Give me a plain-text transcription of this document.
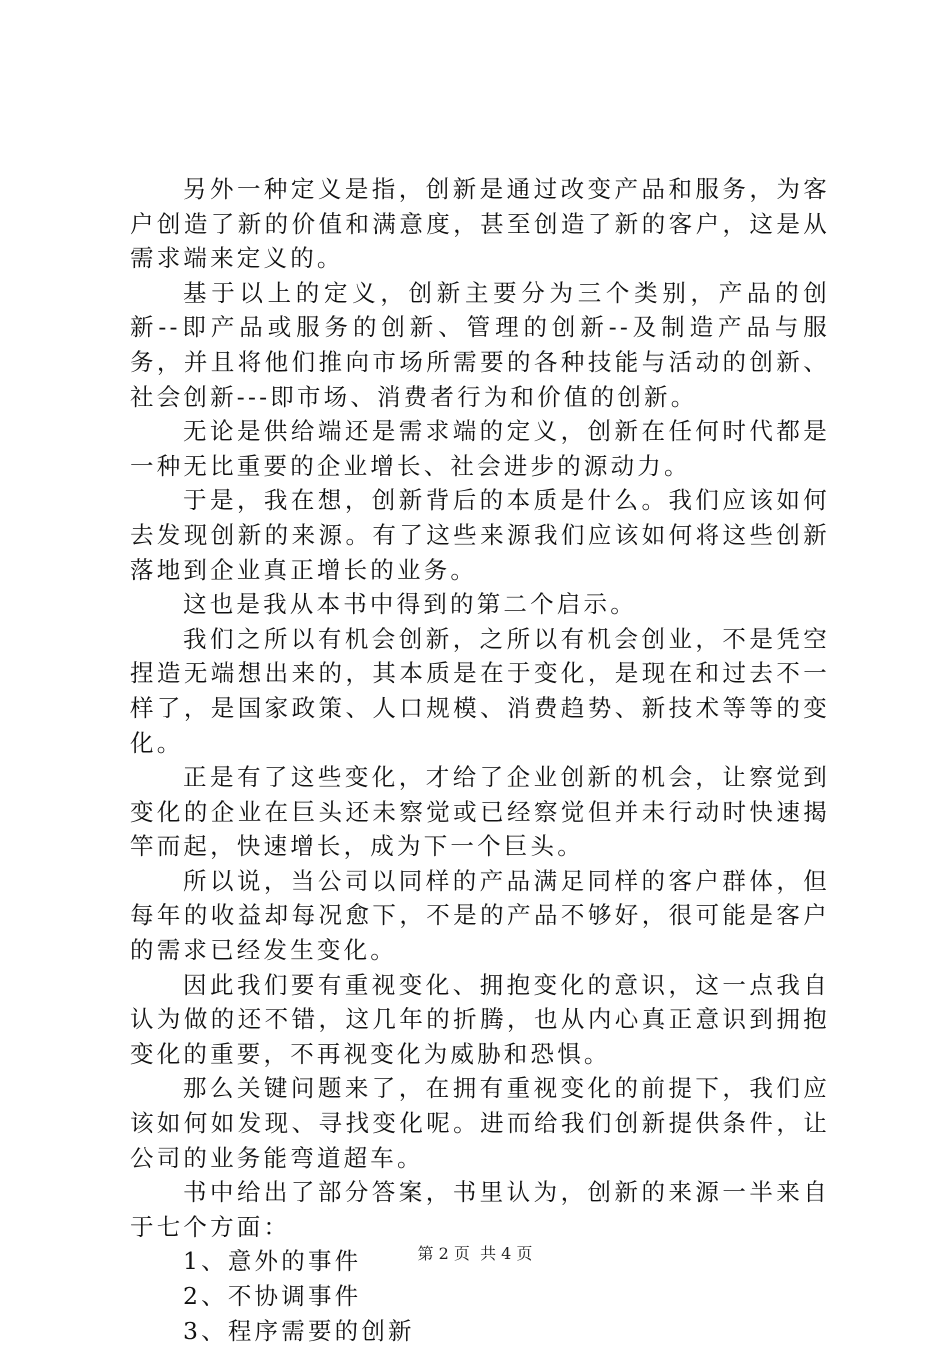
另外一种定义是指，创新是通过改变产品和服务，为客户创造了新的价值和满意度，甚至创造了新的客户，这是从需求端来定义的。

基于以上的定义，创新主要分为三个类别，产品的创新--即产品或服务的创新、管理的创新--及制造产品与服务，并且将他们推向市场所需要的各种技能与活动的创新、社会创新---即市场、消费者行为和价值的创新。

无论是供给端还是需求端的定义，创新在任何时代都是一种无比重要的企业增长、社会进步的源动力。

于是，我在想，创新背后的本质是什么。我们应该如何去发现创新的来源。有了这些来源我们应该如何将这些创新落地到企业真正增长的业务。

这也是我从本书中得到的第二个启示。

我们之所以有机会创新，之所以有机会创业，不是凭空捏造无端想出来的，其本质是在于变化，是现在和过去不一样了，是国家政策、人口规模、消费趋势、新技术等等的变化。

正是有了这些变化，才给了企业创新的机会，让察觉到变化的企业在巨头还未察觉或已经察觉但并未行动时快速揭竿而起，快速增长，成为下一个巨头。

所以说，当公司以同样的产品满足同样的客户群体，但每年的收益却每况愈下，不是的产品不够好，很可能是客户的需求已经发生变化。

因此我们要有重视变化、拥抱变化的意识，这一点我自认为做的还不错，这几年的折腾，也从内心真正意识到拥抱变化的重要，不再视变化为威胁和恐惧。

那么关键问题来了，在拥有重视变化的前提下，我们应该如何如发现、寻找变化呢。进而给我们创新提供条件，让公司的业务能弯道超车。

书中给出了部分答案，书里认为，创新的来源一半来自于七个方面：

1、意外的事件

2、不协调事件

3、程序需要的创新

第 2 页  共 4 页
